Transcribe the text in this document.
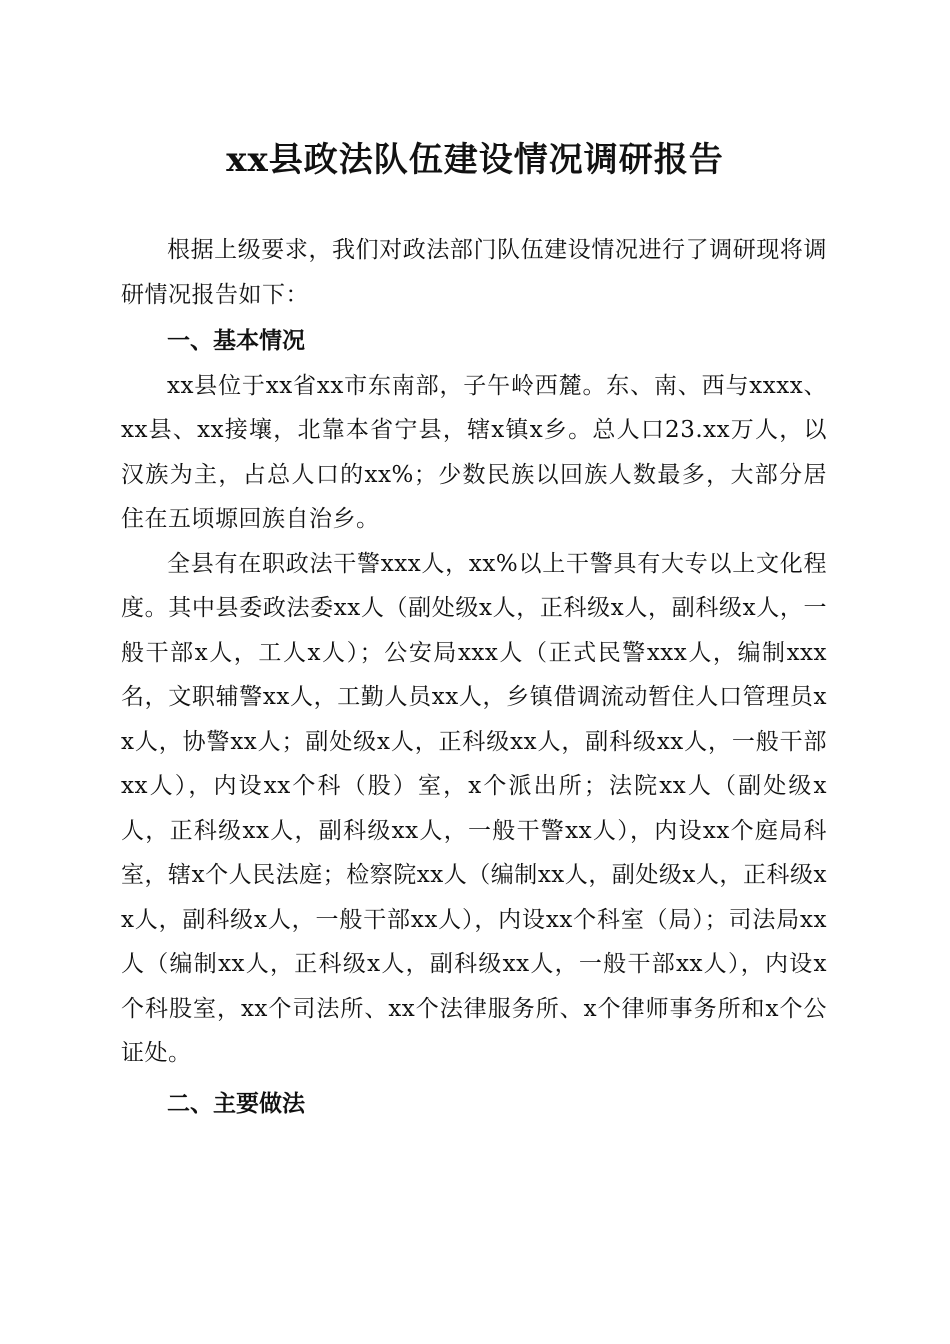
xx县政法队伍建设情况调研报告

根据上级要求，我们对政法部门队伍建设情况进行了调研现将调研情况报告如下：

一、基本情况

xx县位于xx省xx市东南部，子午岭西麓。东、南、西与xxxx、xx县、xx接壤，北靠本省宁县，辖x镇x乡。总人口23.xx万人，以汉族为主，占总人口的xx%；少数民族以回族人数最多，大部分居住在五顷塬回族自治乡。

全县有在职政法干警xxx人，xx%以上干警具有大专以上文化程度。其中县委政法委xx人（副处级x人，正科级x人，副科级x人，一般干部x人，工人x人）；公安局xxx人（正式民警xxx人，编制xxx名，文职辅警xx人，工勤人员xx人，乡镇借调流动暂住人口管理员xx人，协警xx人；副处级x人，正科级xx人，副科级xx人，一般干部xx人），内设xx个科（股）室，x个派出所；法院xx人（副处级x人，正科级xx人，副科级xx人，一般干警xx人），内设xx个庭局科室，辖x个人民法庭；检察院xx人（编制xx人，副处级x人，正科级xx人，副科级x人，一般干部xx人），内设xx个科室（局）；司法局xx人（编制xx人，正科级x人，副科级xx人，一般干部xx人），内设x个科股室，xx个司法所、xx个法律服务所、x个律师事务所和x个公证处。

二、主要做法
